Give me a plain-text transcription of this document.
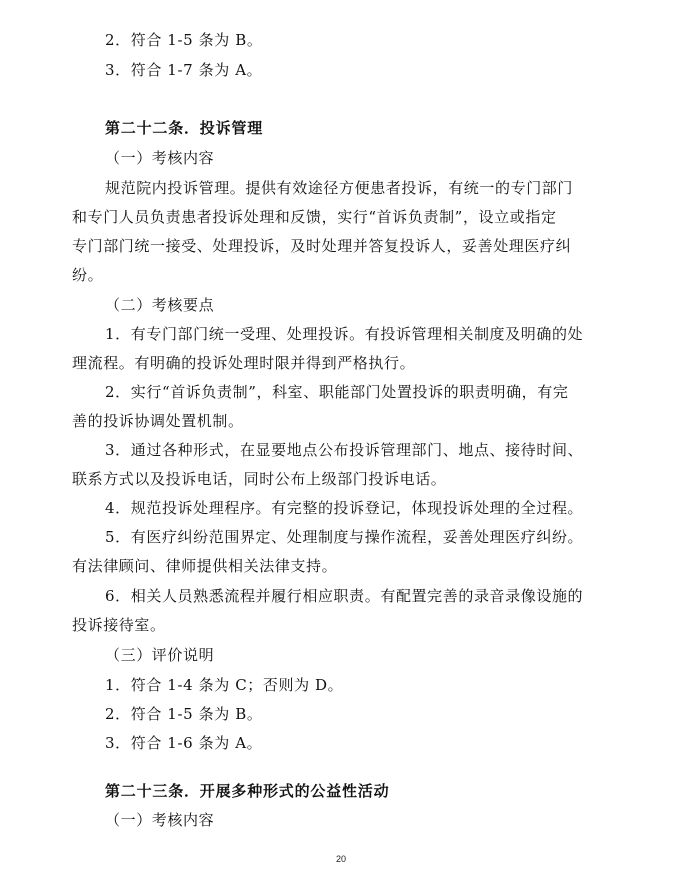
2．符合 1-5 条为 B。
3．符合 1-7 条为 A。
第二十二条．投诉管理
（一）考核内容
规范院内投诉管理。提供有效途径方便患者投诉，有统一的专门部门
和专门人员负责患者投诉处理和反馈，实行“首诉负责制”，设立或指定
专门部门统一接受、处理投诉，及时处理并答复投诉人，妥善处理医疗纠
纷。
（二）考核要点
1．有专门部门统一受理、处理投诉。有投诉管理相关制度及明确的处
理流程。有明确的投诉处理时限并得到严格执行。
2．实行“首诉负责制”，科室、职能部门处置投诉的职责明确，有完
善的投诉协调处置机制。
3．通过各种形式，在显要地点公布投诉管理部门、地点、接待时间、
联系方式以及投诉电话，同时公布上级部门投诉电话。
4．规范投诉处理程序。有完整的投诉登记，体现投诉处理的全过程。
5．有医疗纠纷范围界定、处理制度与操作流程，妥善处理医疗纠纷。
有法律顾问、律师提供相关法律支持。
6．相关人员熟悉流程并履行相应职责。有配置完善的录音录像设施的
投诉接待室。
（三）评价说明
1．符合 1-4 条为 C；否则为 D。
2．符合 1-5 条为 B。
3．符合 1-6 条为 A。
第二十三条．开展多种形式的公益性活动
（一）考核内容
20
